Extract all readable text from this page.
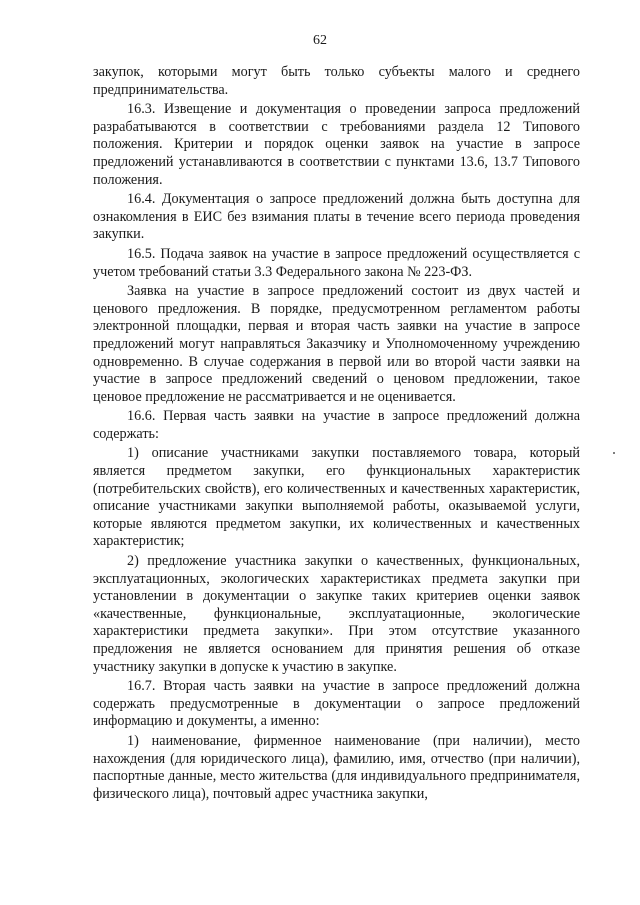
62

закупок, которыми могут быть только субъекты малого и среднего предпринимательства.

16.3. Извещение и документация о проведении запроса предложений разрабатываются в соответствии с требованиями раздела 12 Типового положения. Критерии и порядок оценки заявок на участие в запросе предложений устанавливаются в соответствии с пунктами 13.6, 13.7 Типового положения.

16.4. Документация о запросе предложений должна быть доступна для ознакомления в ЕИС без взимания платы в течение всего периода проведения закупки.

16.5. Подача заявок на участие в запросе предложений осуществляется с учетом требований статьи 3.3 Федерального закона № 223-ФЗ.

Заявка на участие в запросе предложений состоит из двух частей и ценового предложения. В порядке, предусмотренном регламентом работы электронной площадки, первая и вторая часть заявки на участие в запросе предложений могут направляться Заказчику и Уполномоченному учреждению одновременно. В случае содержания в первой или во второй части заявки на участие в запросе предложений сведений о ценовом предложении, такое ценовое предложение не рассматривается и не оценивается.

16.6. Первая часть заявки на участие в запросе предложений должна содержать:

1) описание участниками закупки поставляемого товара, который является предметом закупки, его функциональных характеристик (потребительских свойств), его количественных и качественных характеристик, описание участниками закупки выполняемой работы, оказываемой услуги, которые являются предметом закупки, их количественных и качественных характеристик;

2) предложение участника закупки о качественных, функциональных, эксплуатационных, экологических характеристиках предмета закупки при установлении в документации о закупке таких критериев оценки заявок «качественные, функциональные, эксплуатационные, экологические характеристики предмета закупки». При этом отсутствие указанного предложения не является основанием для принятия решения об отказе участнику закупки в допуске к участию в закупке.

16.7. Вторая часть заявки на участие в запросе предложений должна содержать предусмотренные в документации о запросе предложений информацию и документы, а именно:

1) наименование, фирменное наименование (при наличии), место нахождения (для юридического лица), фамилию, имя, отчество (при наличии), паспортные данные, место жительства (для индивидуального предпринимателя, физического лица), почтовый адрес участника закупки,
